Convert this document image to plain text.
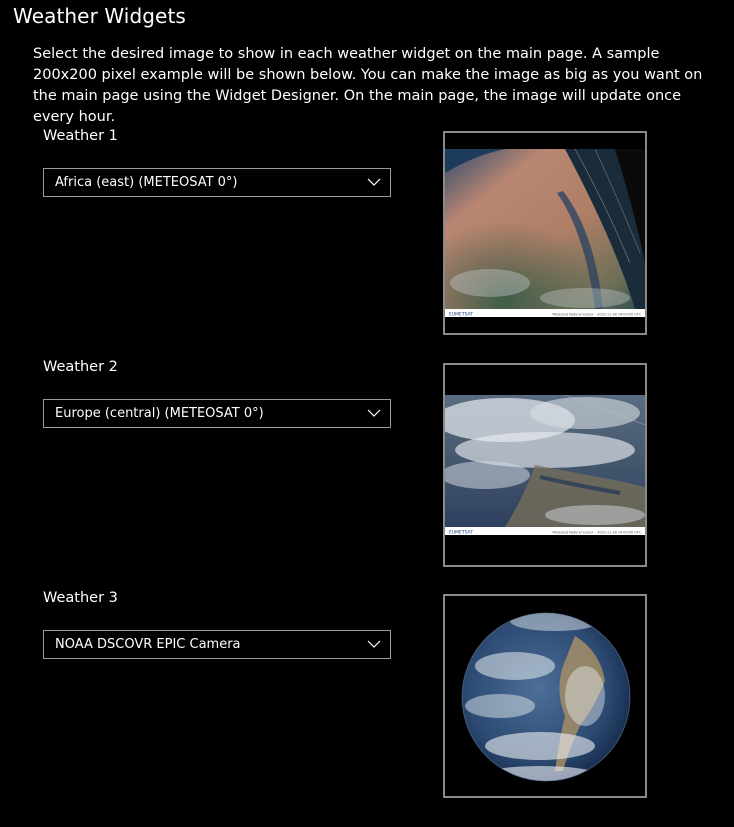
Weather Widgets

Select the desired image to show in each weather widget on the main page. A sample 200x200 pixel example will be shown below. You can make the image as big as you want on the main page using the Widget Designer. On the main page, the image will update once every hour.

Weather 1
Africa (east) (METEOSAT 0°)
EUMETSAT	Meteosat Natural Colour - 2023-11-30 14:00:00 UTC
Weather 2
Europe (central) (METEOSAT 0°)
EUMETSAT	Meteosat Natural Colour - 2023-11-30 14:00:00 UTC
Weather 3
NOAA DSCOVR EPIC Camera
